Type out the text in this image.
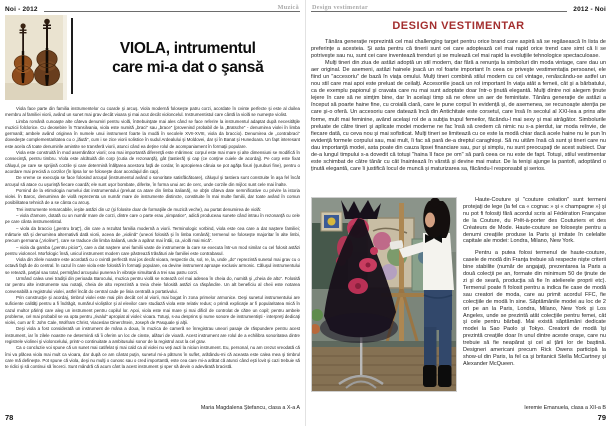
Noi - 2012	Muzică
VIOLA, intrumentul
care mi-a dat o şansă

Viola face parte din familia instrumentelor cu coarde şi arcuş. Viola modernă foloseşte patru corzi, acordate în cvinte perfecte şi este al doilea membru al familiei viorii, având un sunet mai grav decât vioara şi mai acut decât violoncelul. Instrumentistul care cântă la violă se numeşte violist.

Limba română cunoaşte alte câteva denumiri pentru violă, întrebuinţate mai ales când se face referire la instrumentul adaptat după necesităţile muzicii folclorice. Cu deosebire în Transilvania, viola este numită „braci” sau „brace” (provenind probabil de la „Bratsche” - denumirea violei în limba germană; ambele având originea în numele unui instrument foarte la modă în secolele XVII-XVIII, viola da braccio). Denumirea de „contrabraci” dovedeşte complementaritatea cu o „lăută”, cum i se zice viorii solistice în sudul Ardealului şi Moldovei, dar şi în Banat şi Hunedoara. Un fapt interesant este acela că toate denumirile amintite se transferă viorii, atunci când ea deţine rolul de acompaniament în formaţii populare.

Viola este construită în mod asemănător viorii; cea mai importantă diferenţă este mărimea: corpul este mai mare şi alte dimensiuni se modifică în consecinţă, pentru timbru. Viola este alcătuită din corp (cutia de rezonanţă), gât (tastieră) şi cap (ce conţine cuiele de acordaj). Pe corp este fixat căluşul, pe care se sprijină corzile şi care determină înălţarea acestora faţă de cordar, în apropierea căruia se pot agăţa fixuri (şuruburi fine), pentru o acordare mai precisă a corzilor (în lipsa lor se foloseşte doar acordajul din cap).

De vreme ce execuţia se face folosind arcuşul (instrumentul având o sonoritate satisfăcătoare), căluşul şi tastiera sunt construite în aşa fel încât arcuşul să atace cu uşurinţă fiecare coardă; ele sunt uşor bombate, diferite, în forma unui arc de cerc, unde corzile din mijloc sunt cele mai înalte.

Pornind de la etimologia numelui dat instrumentului (preluat ca atare din limba italiană), se obţin câteva date semnificative cu privire la istoria violei. În Baroc, denumirea de violă reprezenta un număr mare de instrumente distincte, constituite în mai multe familii, dar toate având în comun posibilitatea tehnică de a se cânta cu arcuş.

Trei instrumente remarcabile, ieşite astăzi din uz (şi folosite doar de formaţiile de muzică veche), au purtat denumirea de violă:

– viola d'amore, dotată cu un număr mare de corzi, dintre care o parte erau „simpatice”, adică produceau sunete când intrau în rezonanţă cu cele pe care cânta instrumentistul.

– viola da braccio („pentru braţ”), din care a rezultat familia modernă a viorii. Terminologic vorbind, viola este cea care a dat naştere familiei; mărturie stă şi denumirea alternativă dată viorii, aceea de „violină” (uneori folosită şi în limba română); termenul se foloseşte majoritar în alte limbi, precum germana („Violine”), care se traduce din limba italiană, unde a apărut mai întâi, ca „violă mai mică”.

– viola da gamba („pentru picior”), care a dat naştere unei familii vaste de instrumente la care se executa într-un mod similar cu cel folosit astăzi pentru violoncel. Morfologic însă, unicul instrument modern care păstrează trăsături ale familiei este contrabasul.

Viola din zilele noastre este acordată cu o cvintă perfectă mai jos decât vioara, respectiv do, sol, re, la, unde „do” reprezintă sunetul mai grav cu o octavă faţă de do central. În cazul în care viola este folosită în formaţii populare, ea devine instrument aproape exclusiv armonic. Căluşul instrumentului se retează, parţial sau total, permiţând arcuşului punerea în vibraţie simultană a trei sau patru corzi.

Urmând calea unei tradiţii din perioada Barocului, muzica pentru violă se notează cel mai adesea în cheia do, numită şi „cheia de alto”. Folosită rar pentru alte instrumente sau notaţii, cheia de alto reprezintă a treia cheie folosită astăzi ca răspândire. Un alt beneficiu al cheii este notarea convenabilă a registrului violei, astfel încât do central cade pe linia centrală a portativului.

Prin construcţie şi acordaj, timbrul violei este mai plin decât cel al viorii, mai bogat în zona primelor armonice. Deşi sunetul instrumentului are suficiente calităţi pentru a fi îndrăgit, numărul violiştilor şi al elevilor care studiază viola este relativ redus; o primă explicaţie ar fi popularitatea mică în cazul multor părinţi care aleg un instrument pentru copilul lor. Apoi, viola este mai mare şi mai dificil de controlat de către un copil; pentru ambele probleme, cel mai probabil se va opta pentru „rivalul” apropiat al violei: vioara. Totuşi, s-au desprins şi nume sonore de instrumentişti - interpreţi dedicaţi violei, cum ar fi: John Cale, Wolfram Christ, Viaceslav Dinerchtein, Joseph de Pasquale şi alţii.

Deşi viola a fost considerată un instrument de mâna a doua, în muzica de cameră se înregistrau uneori pasaje de răspundere pentru acest instrument, iar în zilele noastre ne determină să îi oferim un loc de cinste, alături de vioară. Acest instrument are rolul de a echilibra sonoritatea dintre registrele violinei şi violoncelului, printr-o continuitate a ambitusului sonor de la registrul acut la cel grav.

Ca o concluzie voi spune că un sunet mai catifelat şi mai cald ca al violei nu veţi auzi la niciun instrument. Eu, personal, nu am crezut vreodată că îmi va plăcea viola mai mult ca vioara, dar după ce am cântat puţin, sunetul mi-a pătruns în suflet, arătându-mi că aceasta este calea mea şi timbrul care mă defineşte. Pot spune că viola, deşi nu mulţi o cunosc sau o cred importantă, este cea care mi-a arătat că atunci când eşti lovit şi cazi trebuie să te ridici şi să continui să încerci. Sunt mândră că acum cânt la acest instrument şi sper să devin o adevărată bracistă.

Maria Magdalena Ştefancu, clasa a X-a A
78
Design vestimentar	2012 - Noi
DESIGN VESTIMENTAR

Tânăra generaţie reprezintă cel mai challenging target pentru orice brand care aspiră să se regăsească în lista de preferinţe a acesteia. Şi asta pentru că tinerii sunt cei care adoptează cel mai rapid orice trend care simt că li se potriveşte sau nu, sunt cei care inventează trenduri şi se mulează cel mai rapid la evoluţiile tehnologice spectaculoase.

Mulţi tineri din ziua de astăzi adoptă un stil modern, dar fără a renunţa la simboluri din moda vintage, care dau un aer original. De asemeni, astăzi hainele joacă un rol foarte important în ceea ce priveşte vestimentaţia persoanei, ele fiind un "accesoriu" de bază în viaţa omului. Mulţi tineri combină stilul modern cu cel vintage, renăscându-se astfel un nou stil care mai apoi este preluat de ceilalţi. Accesoriile joacă un rol important în viaţa atât a femeii, cât şi a bărbatului, ca de exemplu papionul şi cravata care nu mai sunt adoptate doar într-o ţinută elegantă. Mulţi dintre noi alegem ţinute lejere în care să ne simţim bine, dar în acelaşi timp să ne ofere un aer de feminitate. Tânăra generaţie de astăzi a început să poarte haine fine, cu croială clară, care le pune corpul în evidenţă şi, de asemenea, se recunoaşte atenţia pe care şi-o oferă. Un accesoriu care datează încă din Antichitate este corsetul, care însă în secolul al XXI-lea a prins alte forme, mult mai feminine, având acelaşi rol de a subţia trupul femeilor, făcându-l mai sexy şi mai atrăgător. Simbolurile preluate de către tineri şi aplicate modei moderne ne fac însă să credem că nimic nu s-a pierdut, iar moda reînvie, de fiecare dată, cu ceva nou şi mai sofisticat. Mulţi tineri se limitează cu ce este la modă chiar dacă acele haine nu le pun în evidenţă formele corpului sau, mai mult, îi fac să pară de-a dreptul caraghioşi. Să nu uităm însă că sunt şi tineri care nu dau importanţă modei, asta poate din cauza lipsei financiare sau, pur şi simplu, nu sunt preocupaţi de acest subiect. Dar de-a lungul timpului s-a dovedit că totuşi "haina îl face pe om" să pară ceea ce nu este de fapt. Totuşi, stilul vestimentar este schimbat de către tânăr cu cât înaintează în vârstă şi devine mai matur. De la tenişi ajunge la pantofi, adoptând o ţinută elegantă, care îi justifică locul de muncă şi maturizarea sa, făcându-l responsabil şi serios.

Haute-Couture şi "couture création" sunt termeni protejaţi de lege (la fel ca « cognac » şi « champagne ») şi nu pot fi folosiţi fără acordul scris al Fédération Française de la Couture, du Prêt-à-porter des Couturiers et des Créateurs de Mode. Haute-couture se foloseşte pentru a denumi creaţiile produse la Paris şi imitate în celelalte capitale ale modei: Londra, Milano, New York.

Pentru a putea folosi termenul de haute-couture, casele de modă din Franţa trebuie să respecte nişte criterii bine stabilite (număr de angajaţi, prezentarea la Paris a două colecţii pe an, formate din minimum 50 de ţinute de zi şi de seară, producţia să fie în atelierele proprii etc). Termenul poate fi folosit pentru a indica fie case de modă sau creatori de moda, care au primit acordul FFC, fie colecţiile de modă în sine. Săptămânile modei au loc de 2 ori pe an la Paris, Londra, Milano, New York şi Los Angeles, unde se prezintă atât colecţiile pentru femei, cât şi cele pentru bărbaţi. Mai există săptămâni dedicate modei la Sao Paolo şi Tokyo. Creatorii de modă îşi prezintă creaţiile doar în unul dintre aceste oraşe, care nu trebuie să fie neapărat şi cel al ţării lor de baştină. Designeri americani precum Rick Owens participă la show-ul din Paris, la fel ca şi britanicii Stella McCartney şi Alexander McQueen.

Ieremie Emanuela, clasa a XII-a B
79
